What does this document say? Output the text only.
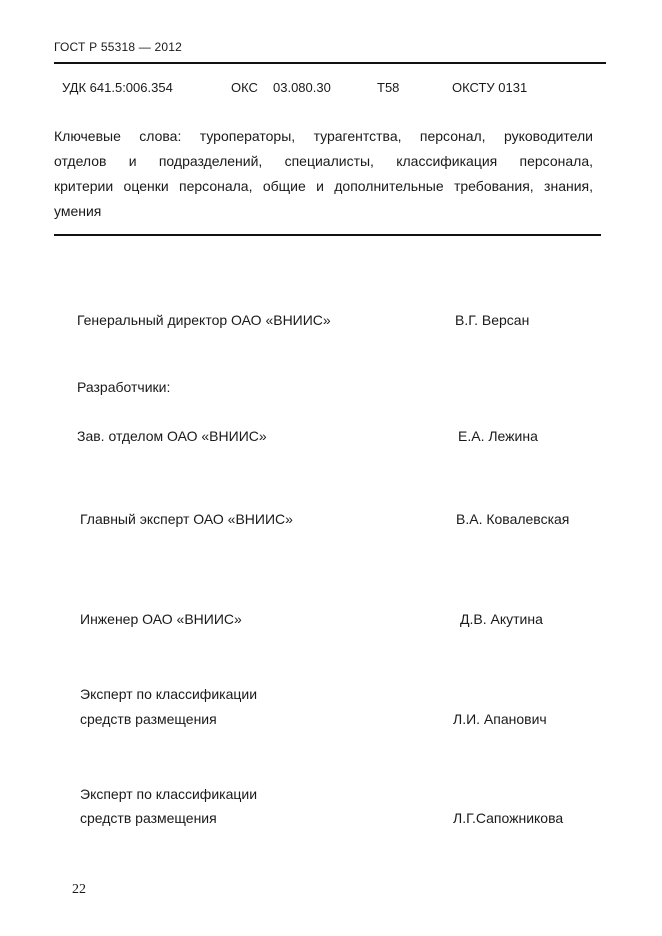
ГОСТ Р 55318 — 2012
УДК 641.5:006.354	ОКС 03.080.30	Т58	ОКСТУ 0131
Ключевые слова: туроператоры, турагентства, персонал, руководители
отделов и подразделений, специалисты, классификация персонала,
критерии оценки персонала, общие и дополнительные требования, знания,
умения
Генеральный директор ОАО «ВНИИС»	В.Г. Версан
Разработчики:
Зав. отделом ОАО «ВНИИС»	Е.А. Лежина
Главный эксперт ОАО «ВНИИС»	В.А. Ковалевская
Инженер ОАО «ВНИИС»	Д.В. Акутина
Эксперт по классификации
средств размещения	Л.И. Апанович
Эксперт по классификации
средств размещения	Л.Г.Сапожникова
22
